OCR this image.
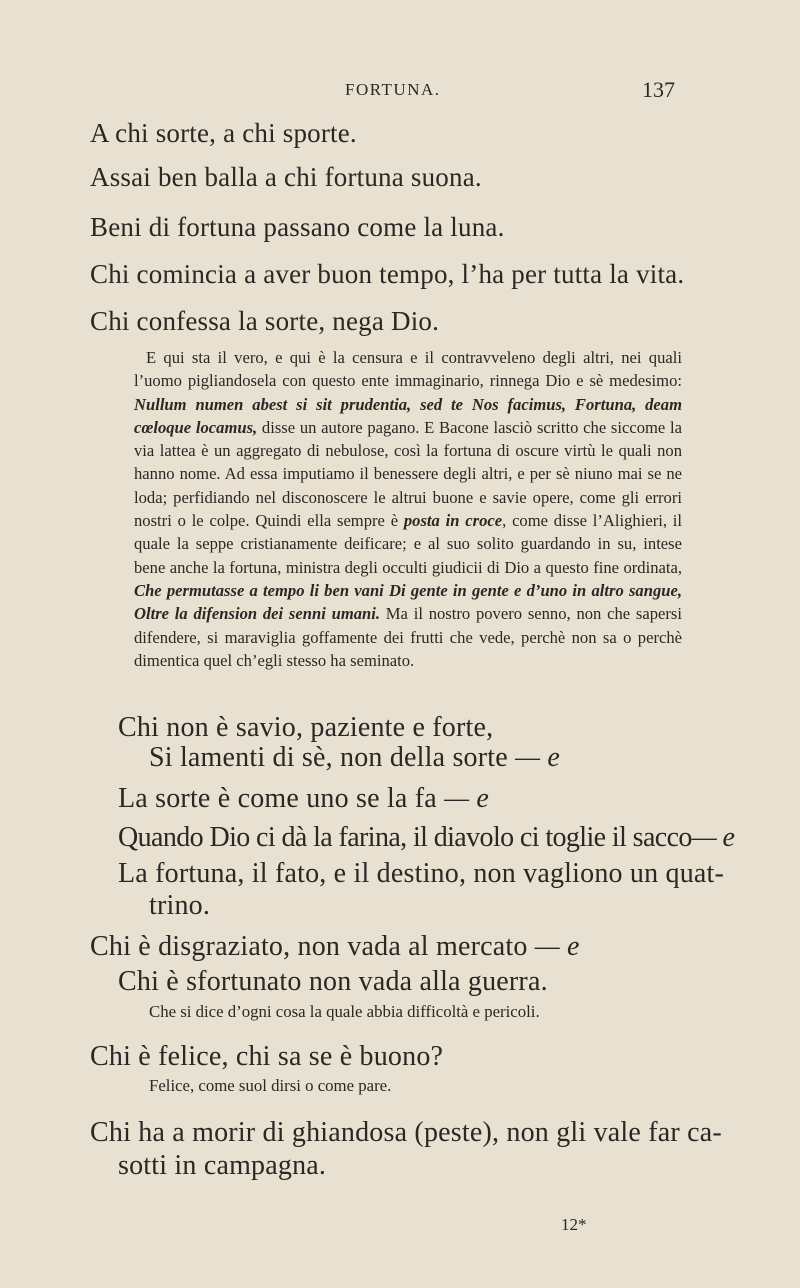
FORTUNA.	137
A chi sorte, a chi sporte.
Assai ben balla a chi fortuna suona.
Beni di fortuna passano come la luna.
Chi comincia a aver buon tempo, l’ha per tutta la vita.
Chi confessa la sorte, nega Dio.
E qui sta il vero, e qui è la censura e il contravveleno degli altri, nei quali l’uomo pigliandosela con questo ente immaginario, rinnega Dio e sè medesimo: Nullum numen abest si sit prudentia, sed te Nos facimus, Fortuna, deam cœloque locamus, disse un autore pagano. E Bacone lasciò scritto che siccome la via lattea è un aggregato di nebulose, così la fortuna di oscure virtù le quali non hanno nome. Ad essa imputiamo il benessere degli altri, e per sè niuno mai se ne loda; perfidiando nel disconoscere le altrui buone e savie opere, come gli errori nostri o le colpe. Quindi ella sempre è posta in croce, come disse l’Alighieri, il quale la seppe cristianamente deificare; e al suo solito guardando in su, intese bene anche la fortuna, ministra degli occulti giudicii di Dio a questo fine ordinata, Che permutasse a tempo li ben vani Di gente in gente e d’uno in altro sangue, Oltre la difension dei senni umani. Ma il nostro povero senno, non che sapersi difendere, si maraviglia goffamente dei frutti che vede, perchè non sa o perchè dimentica quel ch’egli stesso ha seminato.
Chi non è savio, paziente e forte,
Si lamenti di sè, non della sorte — e
La sorte è come uno se la fa — e
Quando Dio ci dà la farina, il diavolo ci toglie il sacco— e
La fortuna, il fato, e il destino, non vagliono un quat-
trino.
Chi è disgraziato, non vada al mercato — e
Chi è sfortunato non vada alla guerra.
Che si dice d’ogni cosa la quale abbia difficoltà e pericoli.
Chi è felice, chi sa se è buono?
Felice, come suol dirsi o come pare.
Chi ha a morir di ghiandosa (peste), non gli vale far ca-
sotti in campagna.
12*
